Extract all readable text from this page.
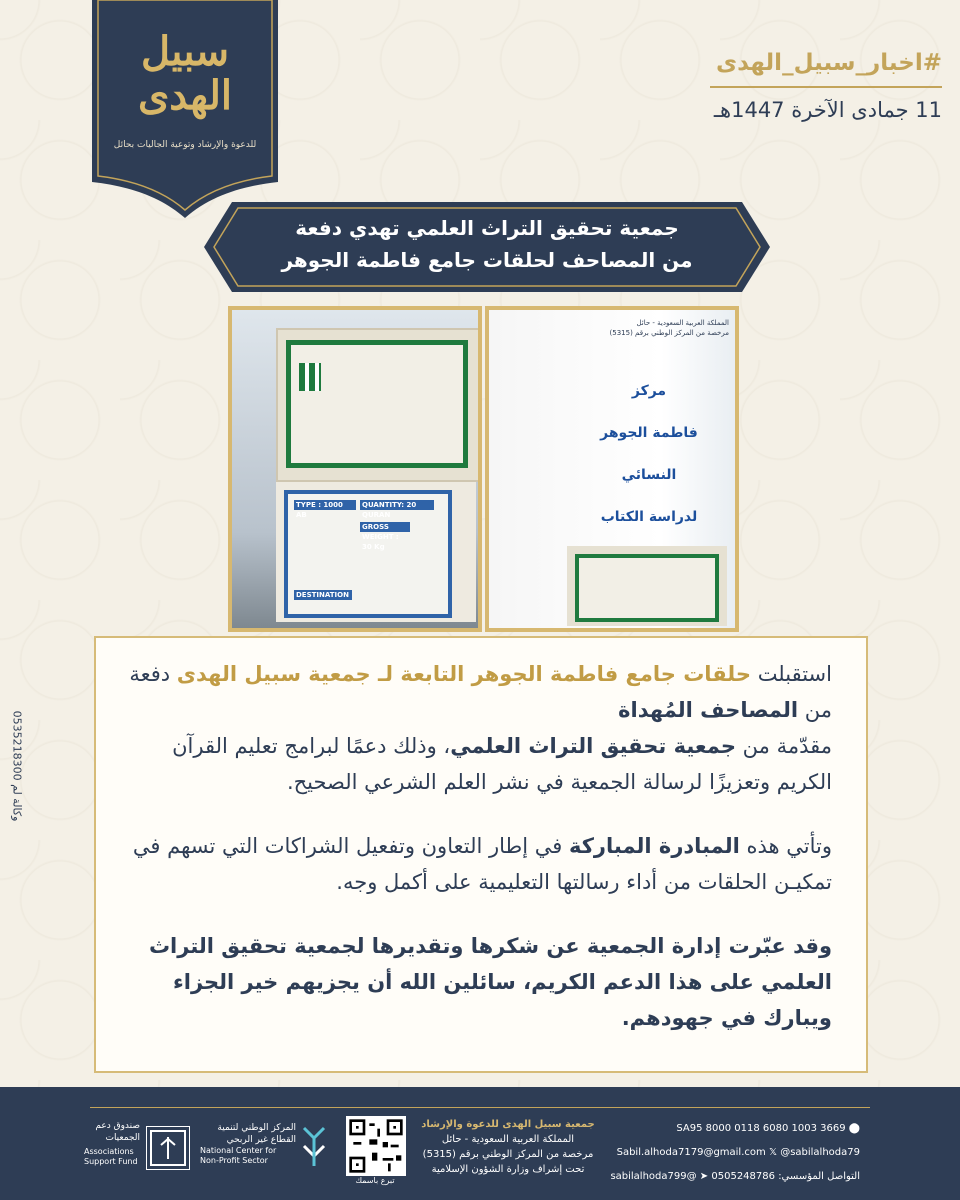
سبيل الهدى
للدعوة والإرشاد وتوعية الجاليات بحائل
#اخبار_سبيل_الهدى
11 جمادى الآخرة 1447هـ
جمعية تحقيق التراث العلمي تهدي دفعة
من المصاحف لحلقات جامع فاطمة الجوهر
TYPE : 1000 AB
QUANTITY: 20 QURAN
GROSS WEIGHT : 30 Kg
DESTINATION
المملكة العربية السعودية - حائل
مرخصة من المركز الوطني برقم (5315)
مركز
فاطمة الجوهر النسائي
لدراسة الكتاب

استقبلت حلقات جامع فاطمة الجوهر التابعة لـ جمعية سبيل الهدى دفعة من المصاحف المُهداة
مقدّمة من جمعية تحقيق التراث العلمي، وذلك دعمًا لبرامج تعليم القرآن الكريم وتعزيزًا لرسالة الجمعية في نشر العلم الشرعي الصحيح.

وتأتي هذه المبادرة المباركة في إطار التعاون وتفعيل الشراكات التي تسهم في تمكيـن الحلقات من أداء رسالتها التعليمية على أكمل وجه.

وقد عبّرت إدارة الجمعية عن شكرها وتقديرها لجمعية تحقيق التراث العلمي على هذا الدعم الكريم، سائلين الله أن يجزيهم خير الجزاء ويبارك في جهودهم.

وكالة لم 0535218300
⬤ SA95 8000 0118 6080 1003 3669
Sabil.alhoda7179@gmail.com 𝕏 @sabilalhoda79
التواصل المؤسسي: 0505248786 ➤ @sabilalhoda799
جمعية سبيل الهدى للدعوة والإرشاد
المملكة العربية السعودية - حائل
مرخصة من المركز الوطني برقم (5315)
تحت إشراف وزارة الشؤون الإسلامية
تبرع باسمك
المركز الوطني لتنمية القطاع غير الربحي
National Center for Non-Profit Sector
صندوق دعم الجمعيات
Associations Support Fund
